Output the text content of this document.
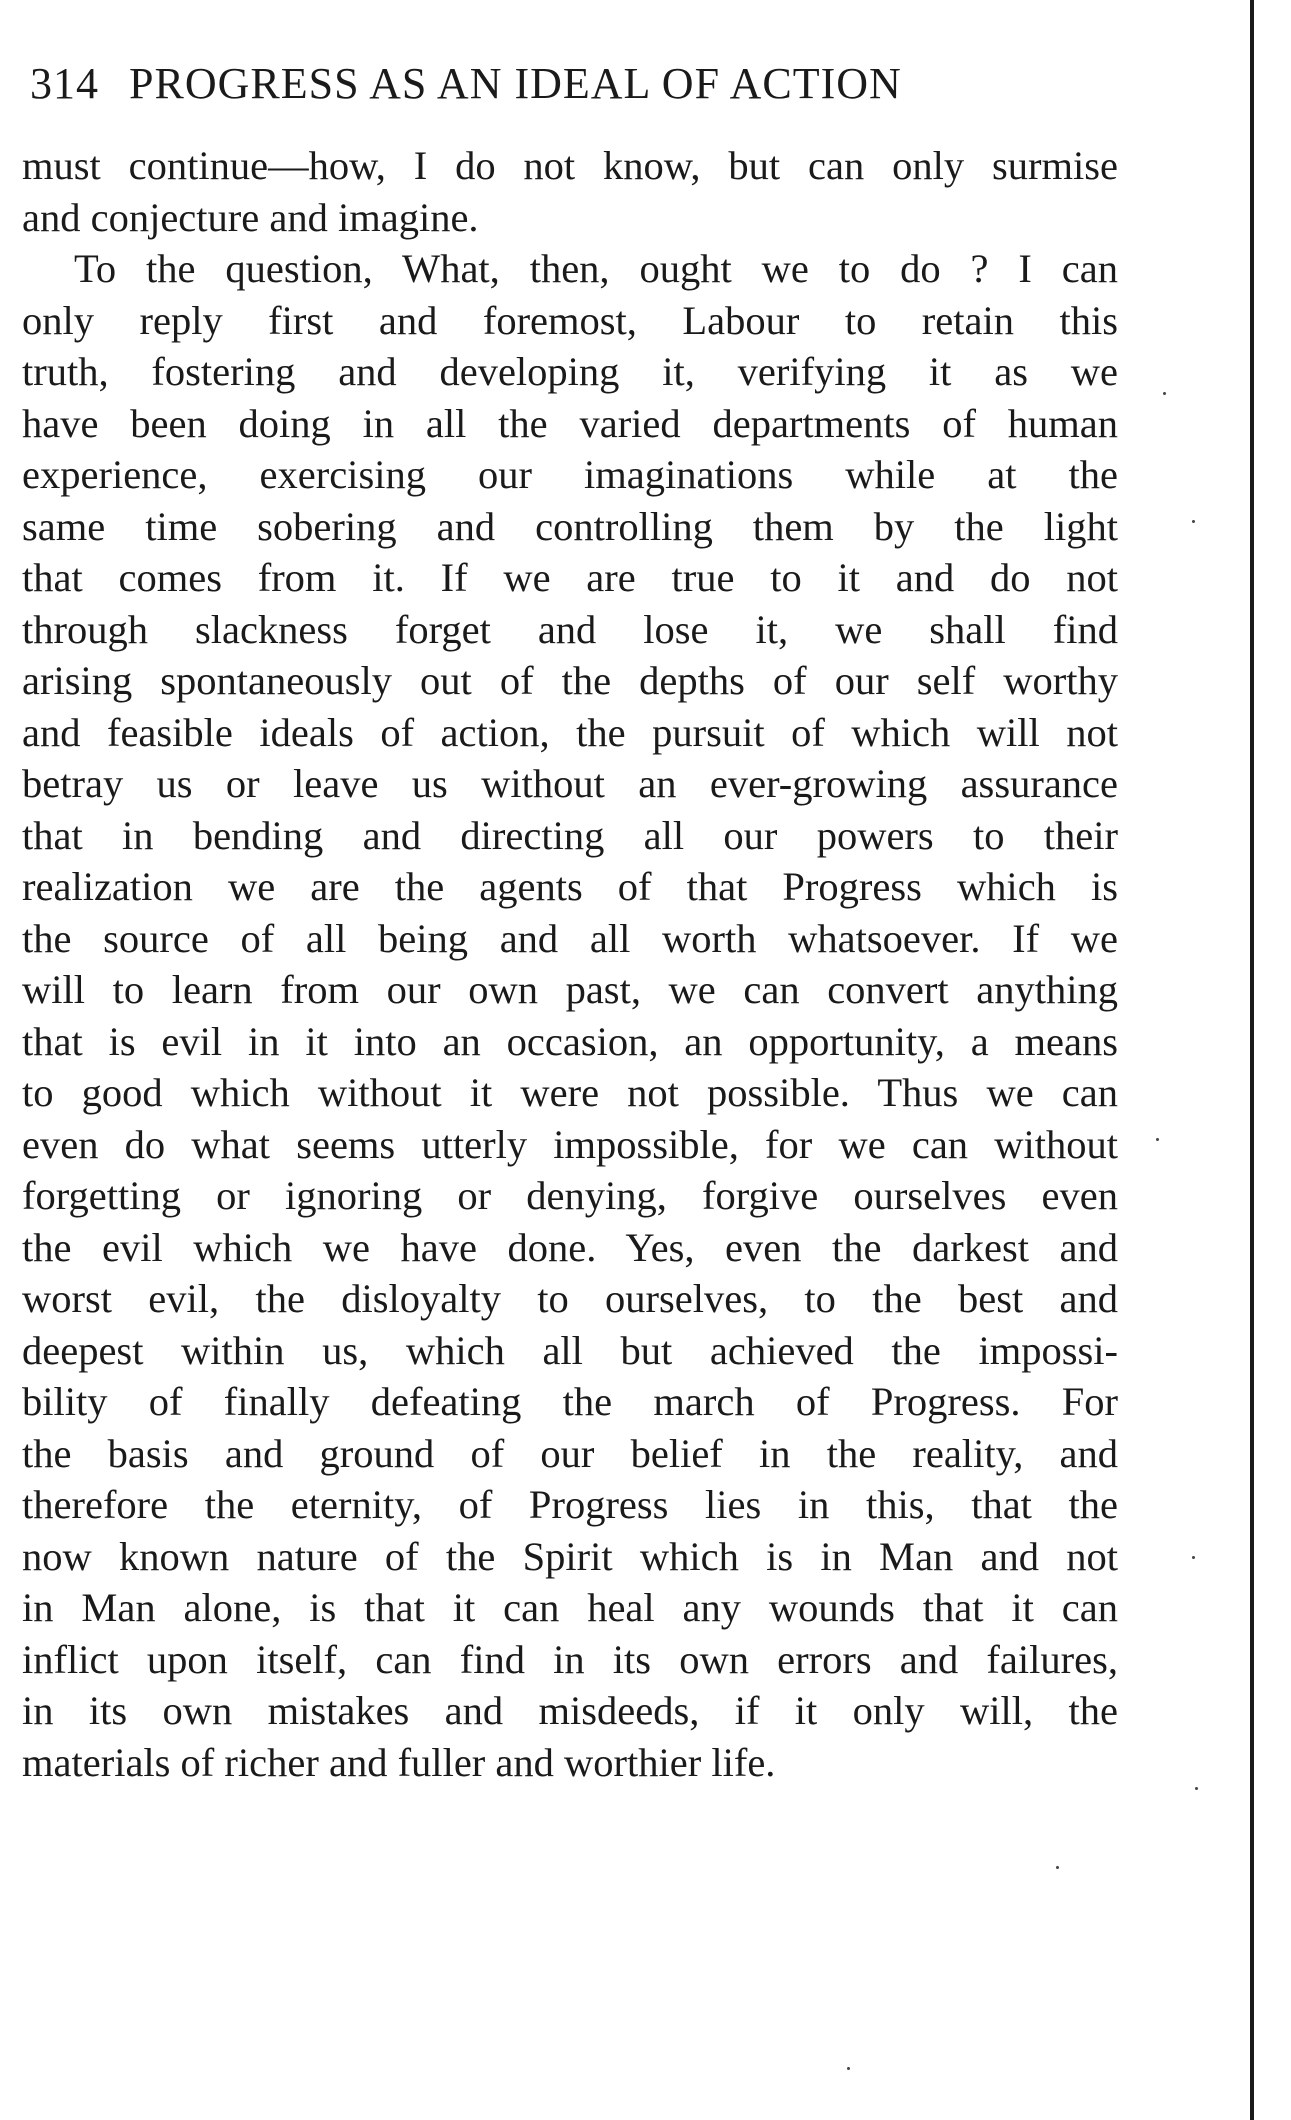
314 PROGRESS AS AN IDEAL OF ACTION
must continue—how, I do not know, but can only surmise
and conjecture and imagine.
To the question, What, then, ought we to do ? I can
only reply first and foremost, Labour to retain this
truth, fostering and developing it, verifying it as we
have been doing in all the varied departments of human
experience, exercising our imaginations while at the
same time sobering and controlling them by the light
that comes from it. If we are true to it and do not
through slackness forget and lose it, we shall find
arising spontaneously out of the depths of our self worthy
and feasible ideals of action, the pursuit of which will not
betray us or leave us without an ever-growing assurance
that in bending and directing all our powers to their
realization we are the agents of that Progress which is
the source of all being and all worth whatsoever. If we
will to learn from our own past, we can convert anything
that is evil in it into an occasion, an opportunity, a means
to good which without it were not possible. Thus we can
even do what seems utterly impossible, for we can without
forgetting or ignoring or denying, forgive ourselves even
the evil which we have done. Yes, even the darkest and
worst evil, the disloyalty to ourselves, to the best and
deepest within us, which all but achieved the impossi-
bility of finally defeating the march of Progress. For
the basis and ground of our belief in the reality, and
therefore the eternity, of Progress lies in this, that the
now known nature of the Spirit which is in Man and not
in Man alone, is that it can heal any wounds that it can
inflict upon itself, can find in its own errors and failures,
in its own mistakes and misdeeds, if it only will, the
materials of richer and fuller and worthier life.
